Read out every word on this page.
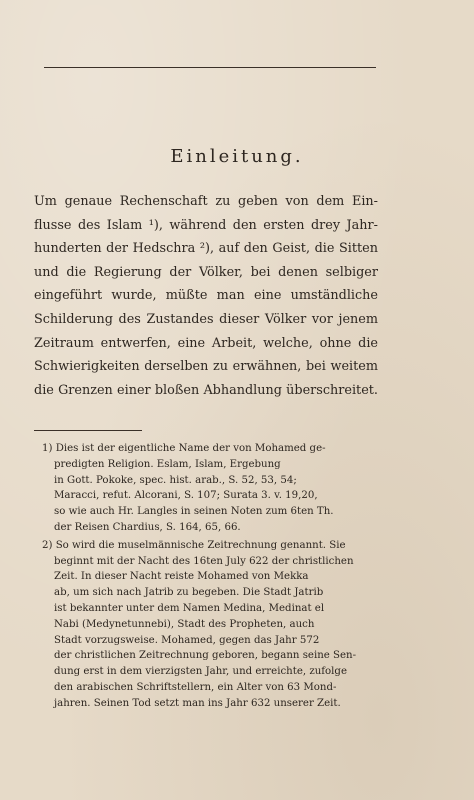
Einleitung.
Um genaue Rechenschaft zu geben von dem Ein-
flusse des Islam ¹), während den ersten drey Jahr-
hunderten der Hedschra ²), auf den Geist, die Sitten
und die Regierung der Völker, bei denen selbiger
eingeführt wurde, müßte man eine umständliche
Schilderung des Zustandes dieser Völker vor jenem
Zeitraum entwerfen, eine Arbeit, welche, ohne die
Schwierigkeiten derselben zu erwähnen, bei weitem
die Grenzen einer bloßen Abhandlung überschreitet.
1) Dies ist der eigentliche Name der von Mohamed ge-
predigten Religion. Eslam, Islam, Ergebung
in Gott. Pokoke, spec. hist. arab., S. 52, 53, 54;
Maracci, refut. Alcorani, S. 107; Surata 3. v. 19,20,
so wie auch Hr. Langles in seinen Noten zum 6ten Th.
der Reisen Chardius, S. 164, 65, 66.
2) So wird die muselmännische Zeitrechnung genannt. Sie
beginnt mit der Nacht des 16ten July 622 der christlichen
Zeit. In dieser Nacht reiste Mohamed von Mekka
ab, um sich nach Jatrib zu begeben. Die Stadt Jatrib
ist bekannter unter dem Namen Medina, Medinat el
Nabi (Medynetunnebi), Stadt des Propheten, auch
Stadt vorzugsweise. Mohamed, gegen das Jahr 572
der christlichen Zeitrechnung geboren, begann seine Sen-
dung erst in dem vierzigsten Jahr, und erreichte, zufolge
den arabischen Schriftstellern, ein Alter von 63 Mond-
jahren. Seinen Tod setzt man ins Jahr 632 unserer Zeit.
